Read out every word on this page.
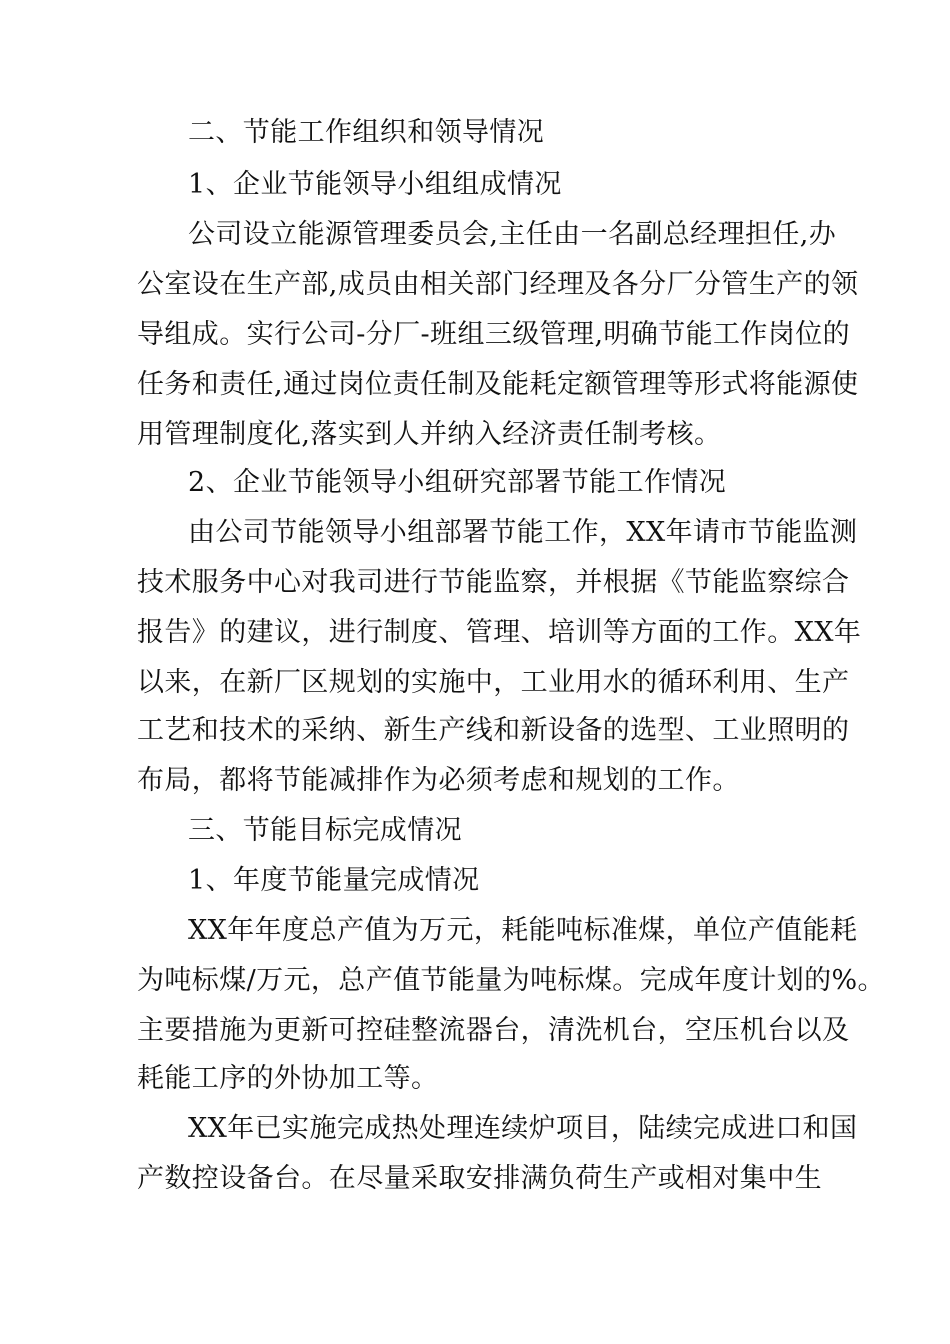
二、节能工作组织和领导情况
1、企业节能领导小组组成情况
公司设立能源管理委员会,主任由一名副总经理担任,办
公室设在生产部,成员由相关部门经理及各分厂分管生产的领
导组成。实行公司-分厂-班组三级管理,明确节能工作岗位的
任务和责任,通过岗位责任制及能耗定额管理等形式将能源使
用管理制度化,落实到人并纳入经济责任制考核。
2、企业节能领导小组研究部署节能工作情况
由公司节能领导小组部署节能工作，XX年请市节能监测
技术服务中心对我司进行节能监察，并根据《节能监察综合
报告》的建议，进行制度、管理、培训等方面的工作。XX年
以来，在新厂区规划的实施中，工业用水的循环利用、生产
工艺和技术的采纳、新生产线和新设备的选型、工业照明的
布局，都将节能减排作为必须考虑和规划的工作。
三、节能目标完成情况
1、年度节能量完成情况
XX年年度总产值为万元，耗能吨标准煤，单位产值能耗
为吨标煤/万元，总产值节能量为吨标煤。完成年度计划的%。
主要措施为更新可控硅整流器台，清洗机台，空压机台以及
耗能工序的外协加工等。
XX年已实施完成热处理连续炉项目，陆续完成进口和国
产数控设备台。在尽量采取安排满负荷生产或相对集中生
